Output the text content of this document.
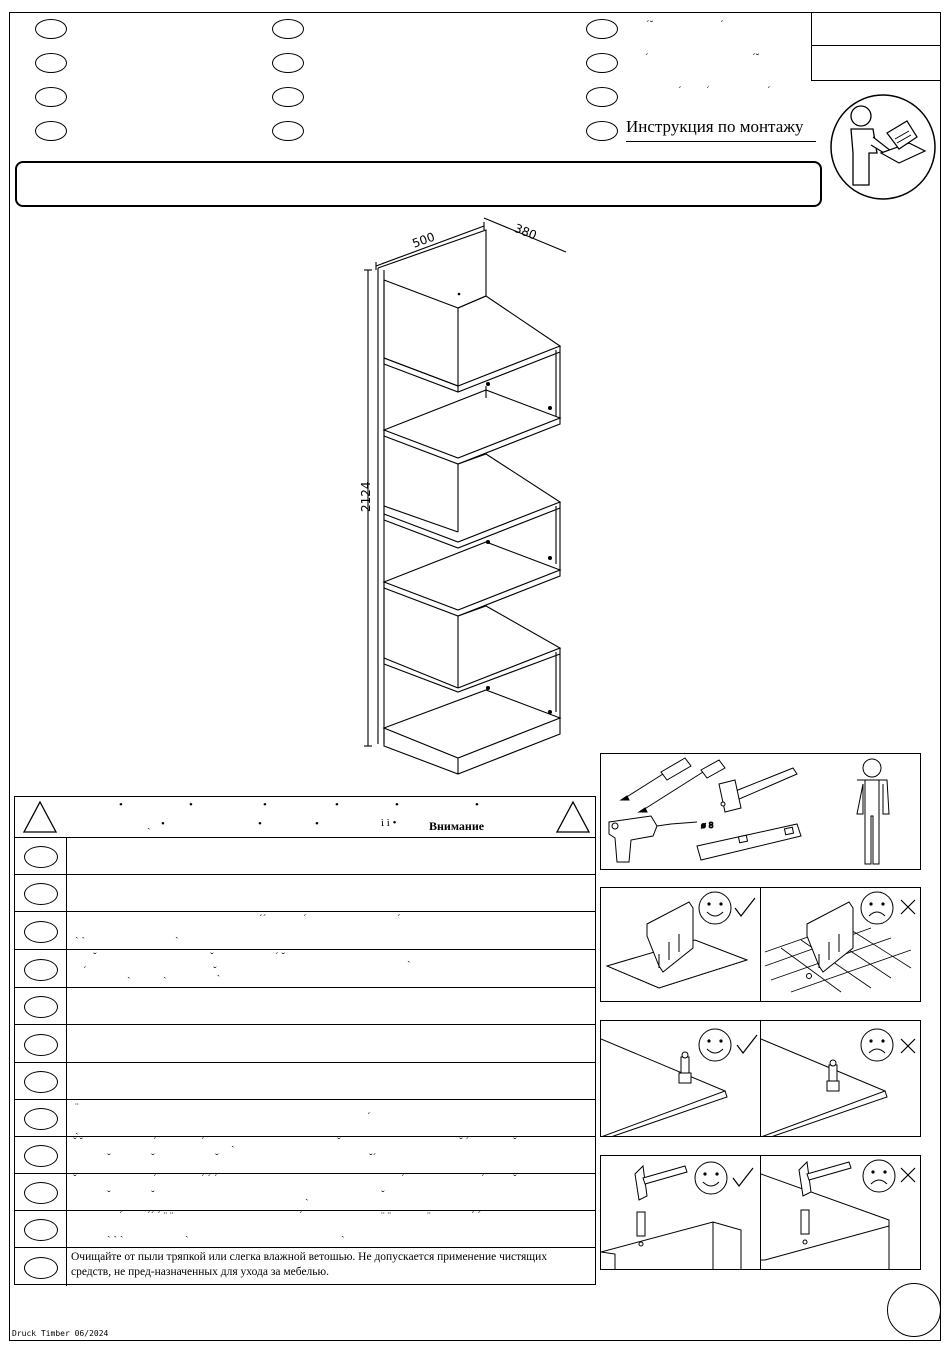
ˊˇ	ˊ
ˊ	ˊˇ
ˊ ˊ	ˊ
Инструкция по монтажу
500	380
2124
•	•	•	•	•	•
ˏ •	•	•	ì ì •	Внимание
ˊˊ	ˊ	ˊ
ˏ ˏ	ˏ
ˇ	ˇ	ˊ ˇ	ˏ
ˊ	ˏ	ˏ	ˇˏ
¨
ˊ
ˏ
ˇ ˇ	ˊ	ˊ ˏ	ˇ	ˇ ˊ	ˇ
ˇ	ˇ	ˇ	ˇˊ
ˇ	ˊ	ˊ ˊ ˊ	ˊ	ˊ	ˇ
ˇ	ˇ	ˏ	ˇ
ˊ ˊˊ ˊ ¨ ¨	ˊ	¨ ¨	¨	ˊ ˊ
ˏ ˏ ˏ	ˏ	ˏ
Очищайте от пыли тряпкой или слегка влажной ветошью. Не допускается применение чистящих средств, не пред-назначенных для ухода за мебелью.
ø 8
Druck Timber 06/2024
